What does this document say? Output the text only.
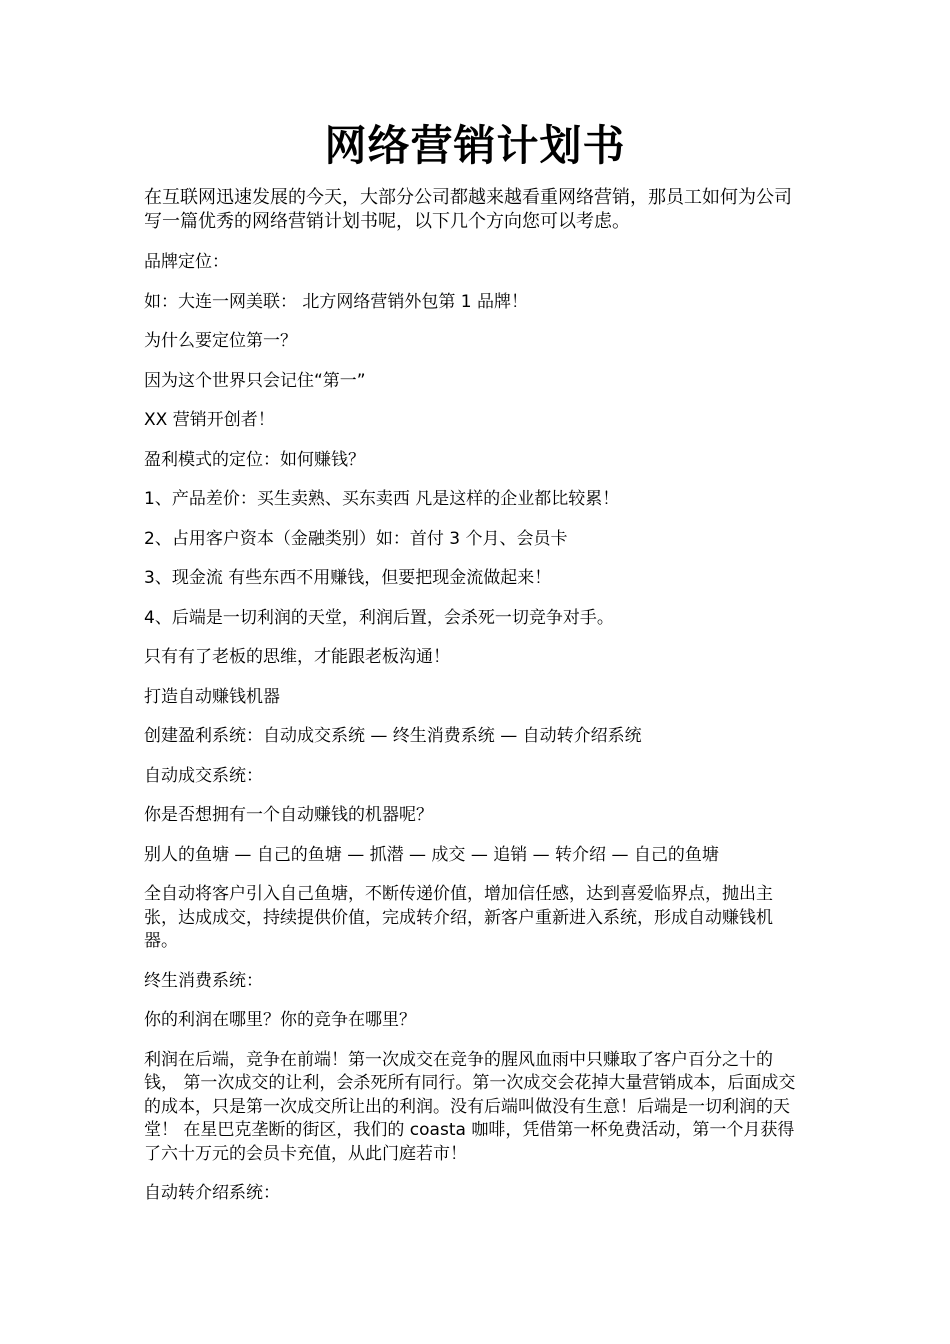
网络营销计划书

在互联网迅速发展的今天，大部分公司都越来越看重网络营销，那员工如何为公司写一篇优秀的网络营销计划书呢，以下几个方向您可以考虑。

品牌定位：

如：大连一网美联： 北方网络营销外包第 1 品牌！

为什么要定位第一？

因为这个世界只会记住“第一”

XX 营销开创者！

盈利模式的定位：如何赚钱？

1、产品差价：买生卖熟、买东卖西 凡是这样的企业都比较累！

2、占用客户资本（金融类别）如：首付 3 个月、会员卡

3、现金流 有些东西不用赚钱，但要把现金流做起来！

4、后端是一切利润的天堂，利润后置，会杀死一切竞争对手。

只有有了老板的思维，才能跟老板沟通！

打造自动赚钱机器

创建盈利系统：自动成交系统 — 终生消费系统 — 自动转介绍系统

自动成交系统：

你是否想拥有一个自动赚钱的机器呢？

别人的鱼塘 — 自己的鱼塘 — 抓潜 — 成交 — 追销 — 转介绍 — 自己的鱼塘

全自动将客户引入自己鱼塘，不断传递价值，增加信任感，达到喜爱临界点，抛出主张，达成成交，持续提供价值，完成转介绍，新客户重新进入系统，形成自动赚钱机器。

终生消费系统：

你的利润在哪里？你的竞争在哪里？

利润在后端，竞争在前端！第一次成交在竞争的腥风血雨中只赚取了客户百分之十的钱， 第一次成交的让利，会杀死所有同行。第一次成交会花掉大量营销成本，后面成交的成本，只是第一次成交所让出的利润。没有后端叫做没有生意！后端是一切利润的天堂！ 在星巴克垄断的街区，我们的 coasta 咖啡，凭借第一杯免费活动，第一个月获得了六十万元的会员卡充值，从此门庭若市！

自动转介绍系统：
